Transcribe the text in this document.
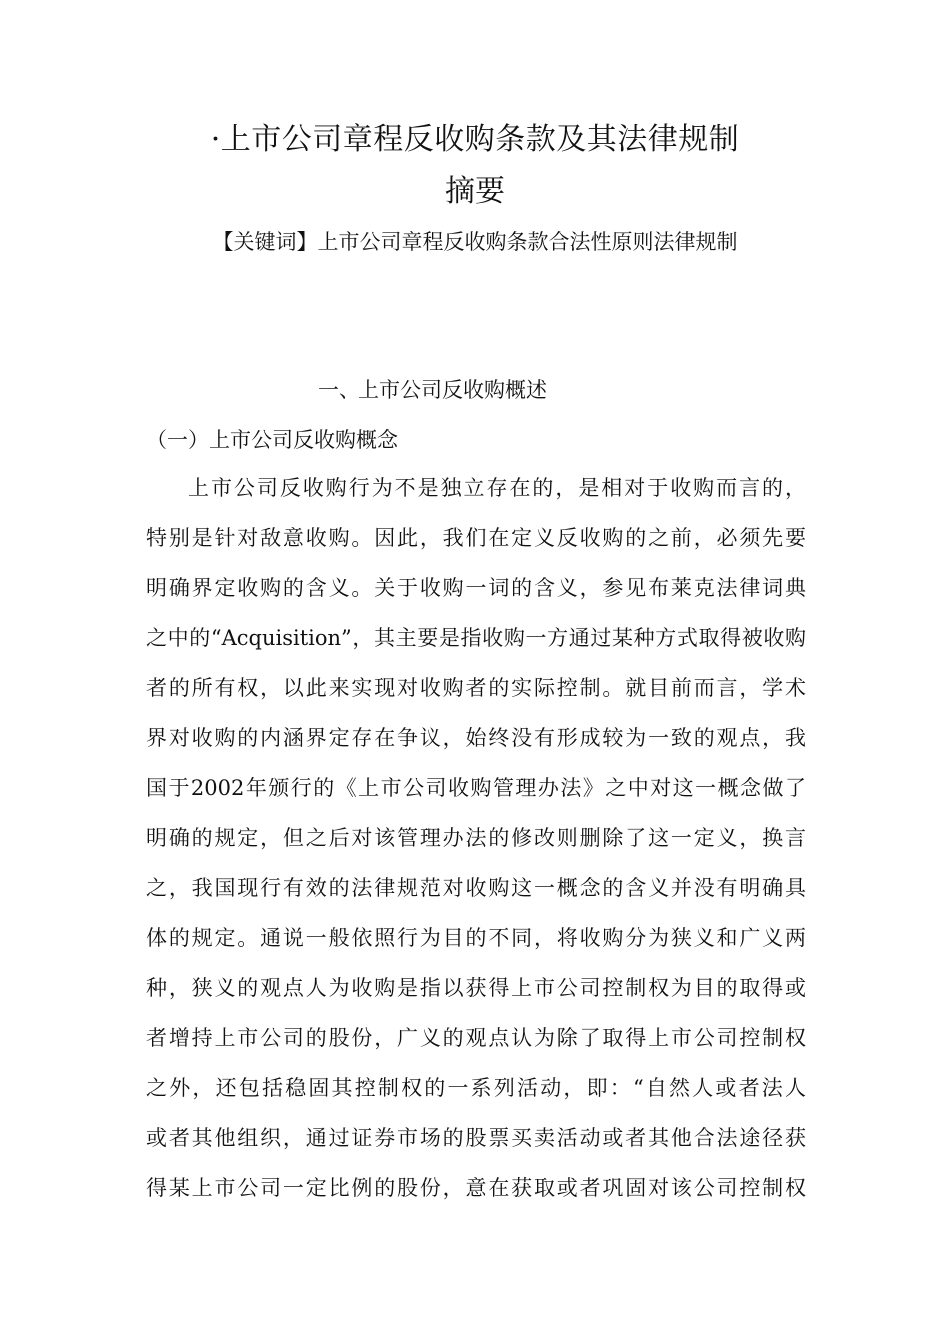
·上市公司章程反收购条款及其法律规制
摘要
【关键词】上市公司章程反收购条款合法性原则法律规制
一、上市公司反收购概述
（一）上市公司反收购概念
上市公司反收购行为不是独立存在的，是相对于收购而言的，
特别是针对敌意收购。因此，我们在定义反收购的之前，必须先要
明确界定收购的含义。关于收购一词的含义，参见布莱克法律词典
之中的“Acquisition”，其主要是指收购一方通过某种方式取得被收购
者的所有权，以此来实现对收购者的实际控制。就目前而言，学术
界对收购的内涵界定存在争议，始终没有形成较为一致的观点，我
国于2002年颁行的《上市公司收购管理办法》之中对这一概念做了
明确的规定，但之后对该管理办法的修改则删除了这一定义，换言
之，我国现行有效的法律规范对收购这一概念的含义并没有明确具
体的规定。通说一般依照行为目的不同，将收购分为狭义和广义两
种，狭义的观点人为收购是指以获得上市公司控制权为目的取得或
者增持上市公司的股份，广义的观点认为除了取得上市公司控制权
之外，还包括稳固其控制权的一系列活动，即：“自然人或者法人
或者其他组织，通过证券市场的股票买卖活动或者其他合法途径获
得某上市公司一定比例的股份，意在获取或者巩固对该公司控制权
